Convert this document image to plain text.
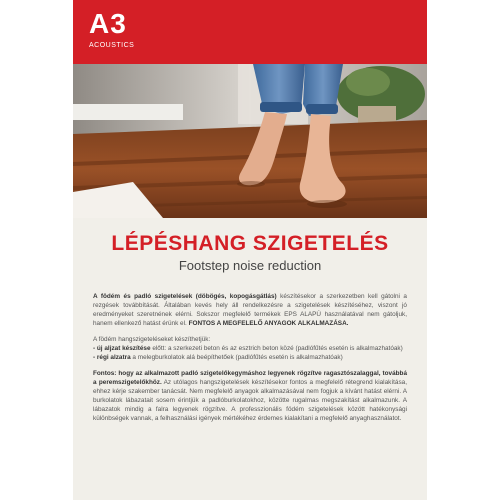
A3
ACOUSTICS
LÉPÉSHANG SZIGETELÉS

Footstep noise reduction

A födém és padló szigetelések (döbögés, kopogásgátlás) készítésekor a szerkezetben kell gátolni a rezgések továbbítását. Általában kevés hely áll rendelkezésre a szigetelések készítéséhez, viszont jó eredményeket szeretnének elérni. Sokszor megfelelő termékek EPS ALAPÚ használatával nem gátoljuk, hanem ellenkező hatást érünk el. FONTOS A MEGFELELŐ ANYAGOK ALKALMAZÁSA.

A födém hangszigeteléseket készíthetjük:

- új aljzat készítése előtt: a szerkezeti beton és az esztrich beton közé (padlófűtés esetén is alkalmazhatóak)
- régi alzatra a melegburkolatok alá beépíthetőek (padlófűtés esetén is alkalmazhatóak)

Fontos: hogy az alkalmazott padló szigetelőkegymáshoz legyenek rögzítve ragasztószalaggal, továbbá a peremszigetelőkhöz. Az utólagos hangszigetelések készítésekor fontos a megfelelő rétegrend kialakítása, ehhez kérje szakember tanácsát. Nem megfelelő anyagok alkalmazásával nem fogjuk a kívánt hatást elérni. A burkolatok lábazatait sosem érintjük a padlóburkolatokhoz, közötte rugalmas megszakítást alkalmazunk. A lábazatok mindig a falra legyenek rögzítve. A professzionális födém szigetelések között hatékonysági különbségek vannak, a felhasználási igények mértékéhez érdemes kialakítani a megfelelő anyaghasználatot.
